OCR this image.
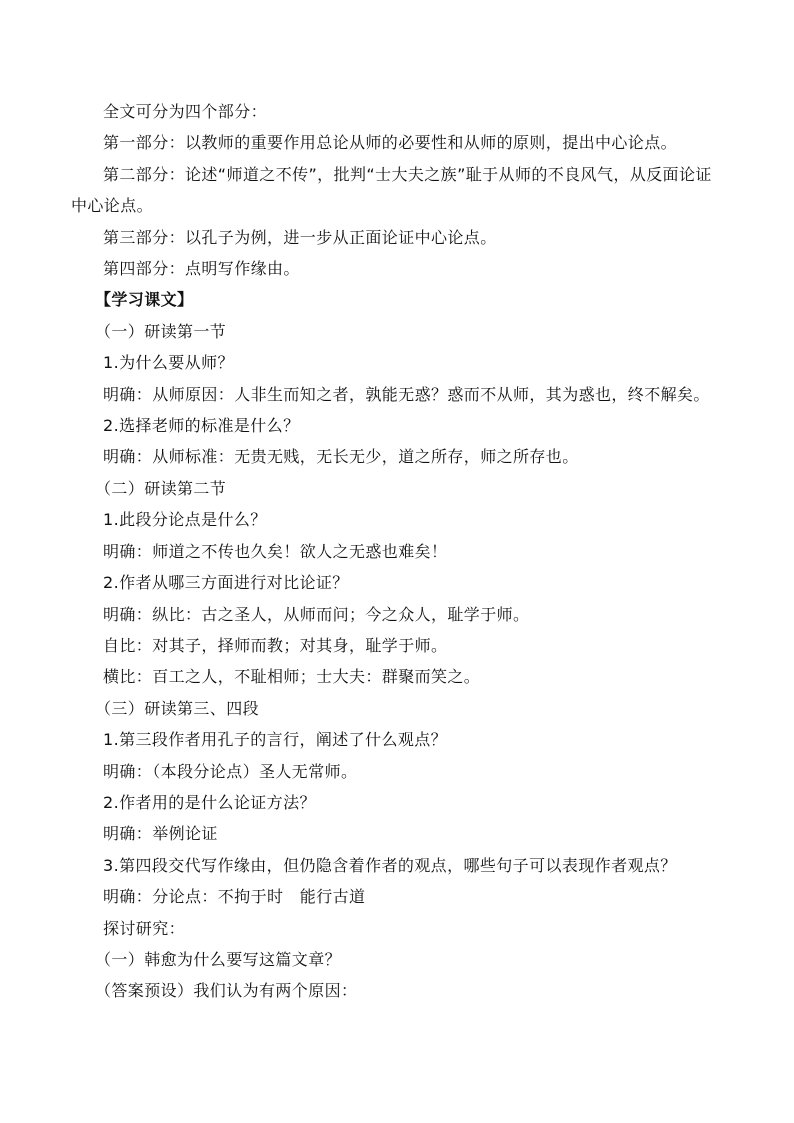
全文可分为四个部分：
第一部分：以教师的重要作用总论从师的必要性和从师的原则，提出中心论点。
第二部分：论述“师道之不传”，批判“士大夫之族”耻于从师的不良风气，从反面论证
中心论点。
第三部分：以孔子为例，进一步从正面论证中心论点。
第四部分：点明写作缘由。
【学习课文】
（一）研读第一节
1.为什么要从师？
明确：从师原因：人非生而知之者，孰能无惑？惑而不从师，其为惑也，终不解矣。
2.选择老师的标准是什么？
明确：从师标准：无贵无贱，无长无少，道之所存，师之所存也。
（二）研读第二节
1.此段分论点是什么？
明确：师道之不传也久矣！欲人之无惑也难矣！
2.作者从哪三方面进行对比论证？
明确：纵比：古之圣人，从师而问；今之众人，耻学于师。
自比：对其子，择师而教；对其身，耻学于师。
横比：百工之人，不耻相师；士大夫：群聚而笑之。
（三）研读第三、四段
1.第三段作者用孔子的言行，阐述了什么观点？
明确：（本段分论点）圣人无常师。
2.作者用的是什么论证方法？
明确：举例论证
3.第四段交代写作缘由，但仍隐含着作者的观点，哪些句子可以表现作者观点？
明确：分论点：不拘于时　能行古道
探讨研究：
（一）韩愈为什么要写这篇文章？
（答案预设）我们认为有两个原因：
